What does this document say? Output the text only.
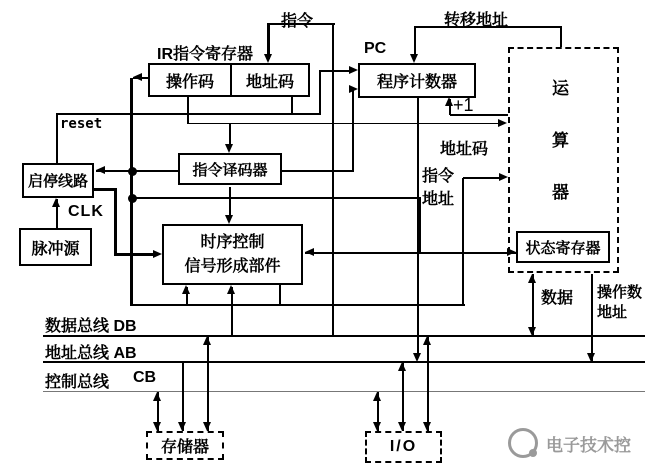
操作码 地址码	程序计数器
启停线路
脉冲源
指令译码器
时序控制
信号形成部件
运
算
器
状态寄存器
存储器	I/O
指令	转移地址
IR指令寄存器	PC
reset
CLK
+1
地址码
指令
地址
数据 操作数
地址
数据总线 DB
地址总线 AB
控制总线 CB
电子技术控
